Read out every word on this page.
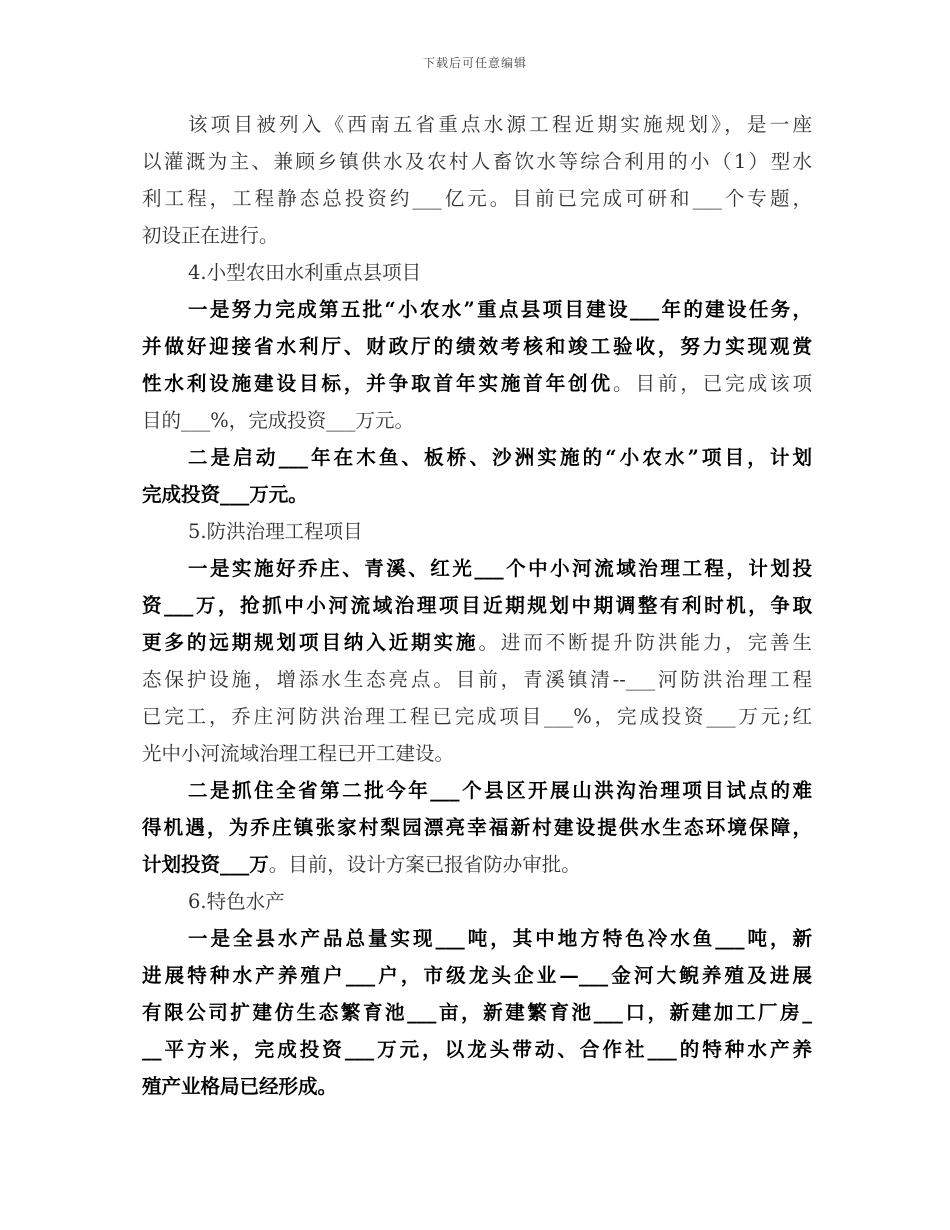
下载后可任意编辑
该项目被列入《西南五省重点水源工程近期实施规划》，是一座
以灌溉为主、兼顾乡镇供水及农村人畜饮水等综合利用的小（1）型水
利工程，工程静态总投资约___亿元。目前已完成可研和___个专题，
初设正在进行。
4.小型农田水利重点县项目
一是努力完成第五批“小农水”重点县项目建设___年的建设任务，
并做好迎接省水利厅、财政厅的绩效考核和竣工验收，努力实现观赏
性水利设施建设目标，并争取首年实施首年创优。目前，已完成该项
目的___%，完成投资___万元。
二是启动___年在木鱼、板桥、沙洲实施的“小农水”项目，计划
完成投资___万元。
5.防洪治理工程项目
一是实施好乔庄、青溪、红光___个中小河流域治理工程，计划投
资___万，抢抓中小河流域治理项目近期规划中期调整有利时机，争取
更多的远期规划项目纳入近期实施。进而不断提升防洪能力，完善生
态保护设施，增添水生态亮点。目前，青溪镇清--___河防洪治理工程
已完工，乔庄河防洪治理工程已完成项目___%，完成投资___万元;红
光中小河流域治理工程已开工建设。
二是抓住全省第二批今年___个县区开展山洪沟治理项目试点的难
得机遇，为乔庄镇张家村梨园漂亮幸福新村建设提供水生态环境保障，
计划投资___万。目前，设计方案已报省防办审批。
6.特色水产
一是全县水产品总量实现___吨，其中地方特色冷水鱼___吨，新
进展特种水产养殖户___户，市级龙头企业—___金河大鲵养殖及进展
有限公司扩建仿生态繁育池___亩，新建繁育池___口，新建加工厂房_
__平方米，完成投资___万元，以龙头带动、合作社___的特种水产养
殖产业格局已经形成。
